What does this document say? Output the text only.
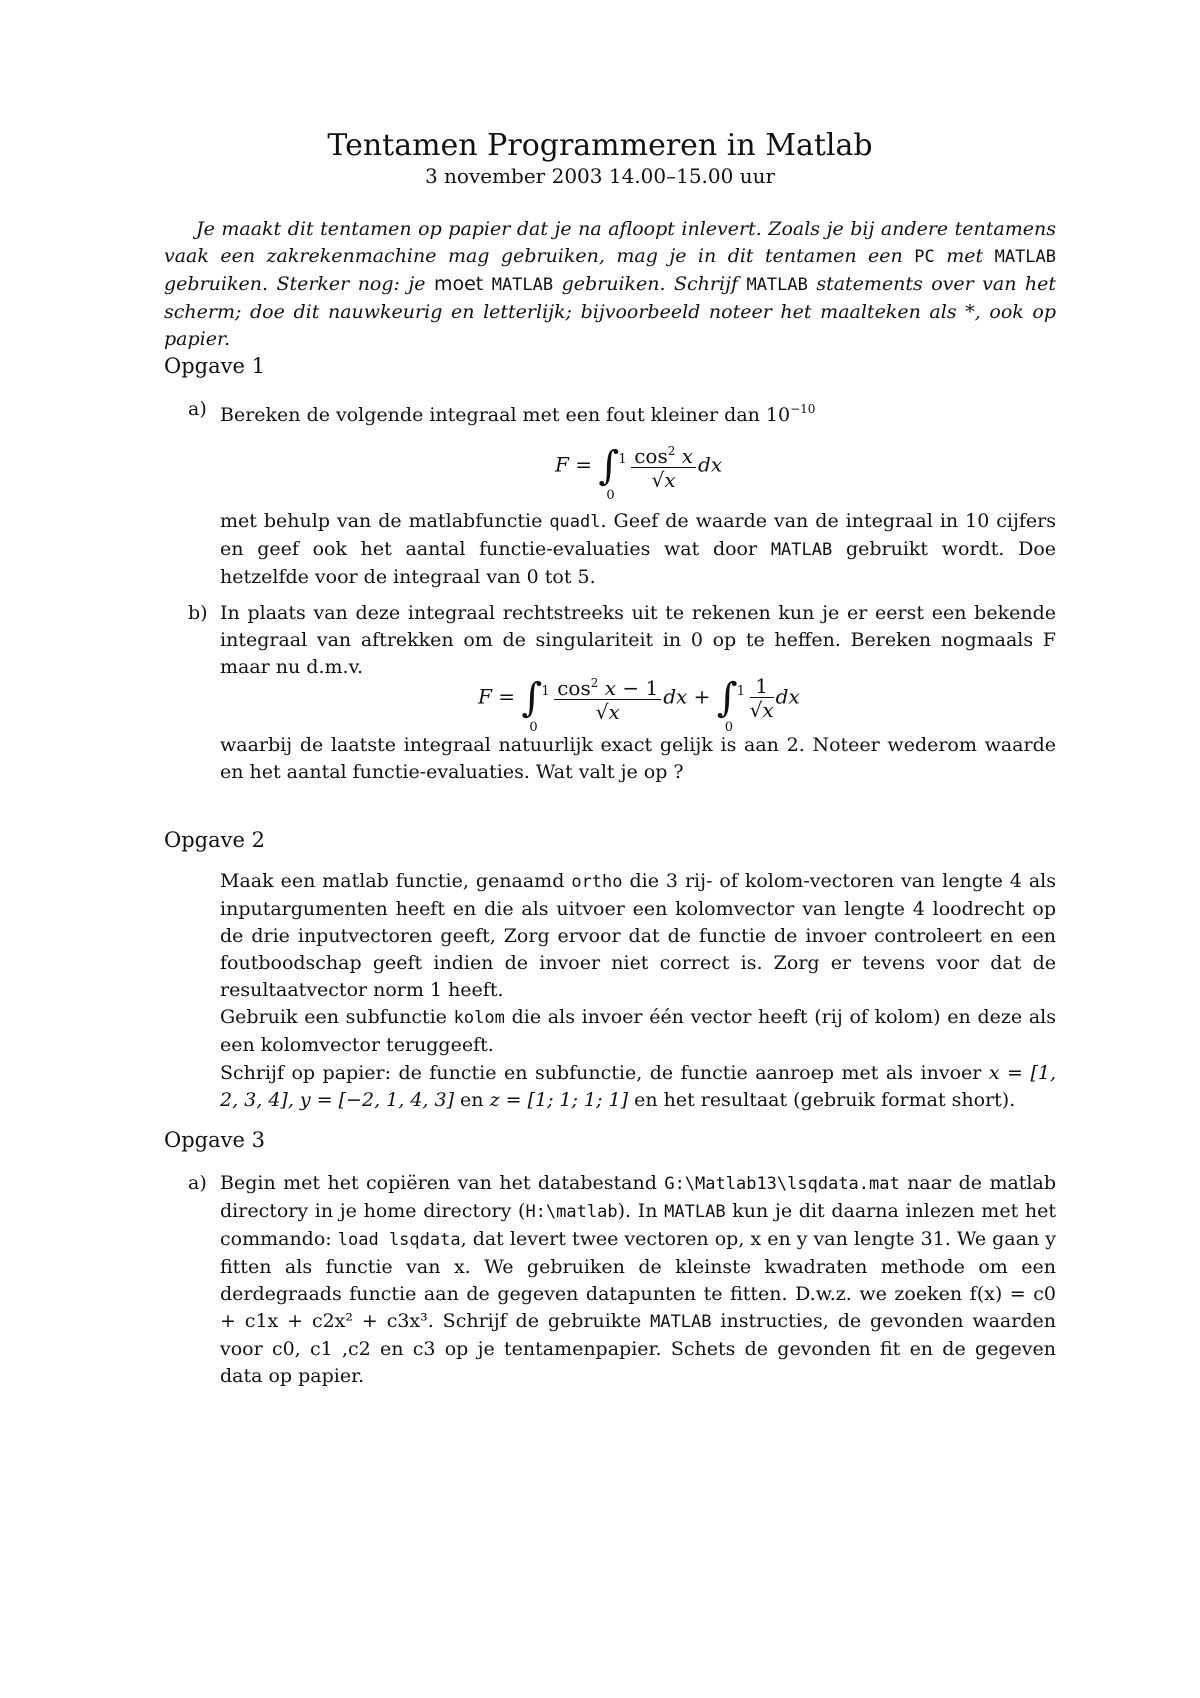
Tentamen Programmeren in Matlab
3 november 2003 14.00–15.00 uur
Je maakt dit tentamen op papier dat je na afloopt inlevert. Zoals je bij andere tentamens vaak een zakrekenmachine mag gebruiken, mag je in dit tentamen een PC met MATLAB gebruiken. Sterker nog: je moet MATLAB gebruiken. Schrijf MATLAB statements over van het scherm; doe dit nauwkeurig en letterlijk; bijvoorbeeld noteer het maalteken als *, ook op papier.
Opgave 1
a) Bereken de volgende integraal met een fout kleiner dan $10^{-10}$
F = ∫ 1
0
$\frac{\cos^2 x}{√x}$ dx
met behulp van de matlabfunctie quadl. Geef de waarde van de integraal in 10 cijfers en geef ook het aantal functie-evaluaties wat door MATLAB gebruikt wordt. Doe hetzelfde voor de integraal van 0 tot 5.
b) In plaats van deze integraal rechtstreeks uit te rekenen kun je er eerst een bekende integraal van aftrekken om de singulariteit in 0 op te heffen. Bereken nogmaals F maar nu d.m.v.
F = ∫ 1
0
$\frac{\cos^2 x - 1}{√x}$ dx + ∫ 1
0
$\frac{1}{√x}$ dx
waarbij de laatste integraal natuurlijk exact gelijk is aan 2. Noteer wederom waarde en het aantal functie-evaluaties. Wat valt je op ?
Opgave 2
Maak een matlab functie, genaamd ortho die 3 rij- of kolom-vectoren van lengte 4 als inputargumenten heeft en die als uitvoer een kolomvector van lengte 4 loodrecht op de drie inputvectoren geeft, Zorg ervoor dat de functie de invoer controleert en een foutboodschap geeft indien de invoer niet correct is. Zorg er tevens voor dat de resultaatvector norm 1 heeft.
Gebruik een subfunctie kolom die als invoer één vector heeft (rij of kolom) en deze als een kolomvector teruggeeft.
Schrijf op papier: de functie en subfunctie, de functie aanroep met als invoer x = [1, 2, 3, 4], y = [−2, 1, 4, 3] en z = [1; 1; 1; 1] en het resultaat (gebruik format short).
Opgave 3
a) Begin met het copiëren van het databestand G:\Matlab13\lsqdata.mat naar de matlab directory in je home directory (H:\matlab). In MATLAB kun je dit daarna inlezen met het commando: load lsqdata, dat levert twee vectoren op, x en y van lengte 31. We gaan y fitten als functie van x. We gebruiken de kleinste kwadraten methode om een derdegraads functie aan de gegeven datapunten te fitten. D.w.z. we zoeken f(x) = c0 + c1x + c2x² + c3x³. Schrijf de gebruikte MATLAB instructies, de gevonden waarden voor c0, c1 ,c2 en c3 op je tentamenpapier. Schets de gevonden fit en de gegeven data op papier.
